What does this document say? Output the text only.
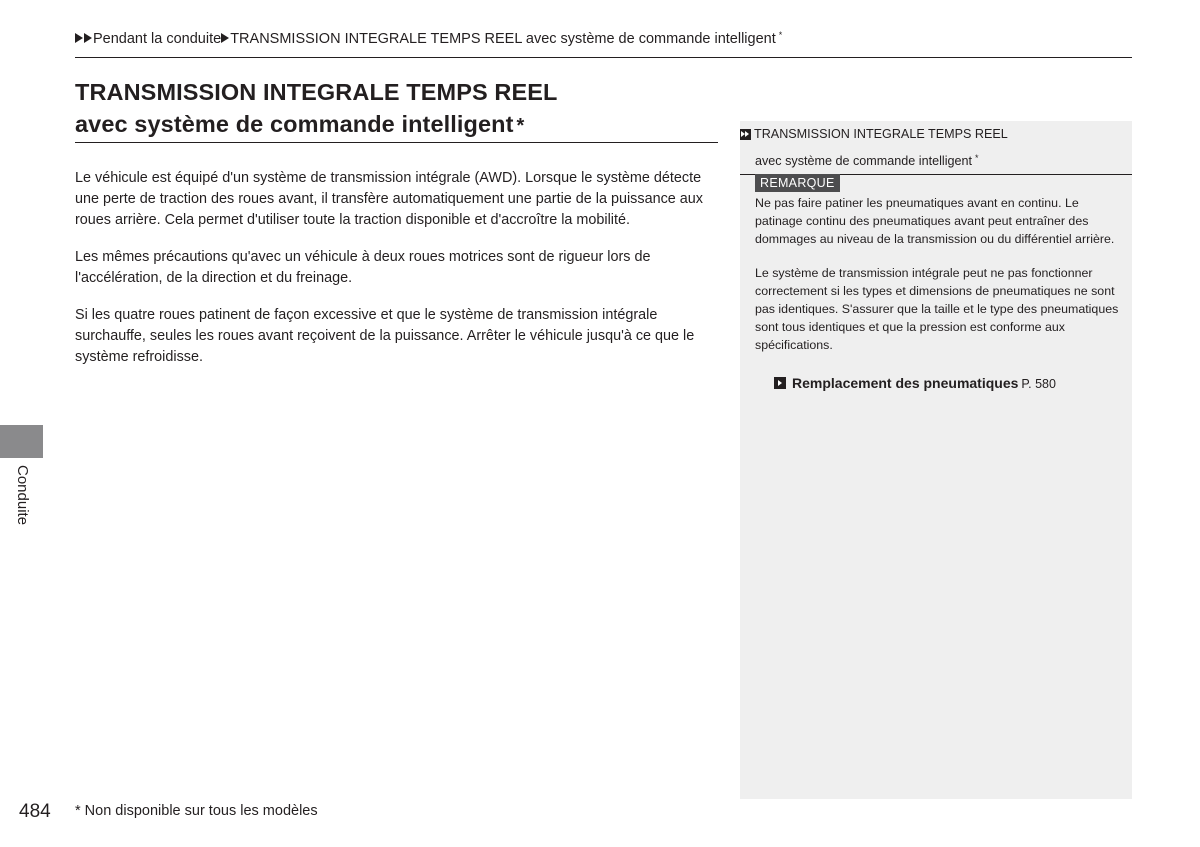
Pendant la conduite TRANSMISSION INTEGRALE TEMPS REEL avec système de commande intelligent *
TRANSMISSION INTEGRALE TEMPS REEL
avec système de commande intelligent *

Le véhicule est équipé d'un système de transmission intégrale (AWD). Lorsque le système détecte une perte de traction des roues avant, il transfère automatiquement une partie de la puissance aux roues arrière. Cela permet d'utiliser toute la traction disponible et d'accroître la mobilité.

Les mêmes précautions qu'avec un véhicule à deux roues motrices sont de rigueur lors de l'accélération, de la direction et du freinage.

Si les quatre roues patinent de façon excessive et que le système de transmission intégrale surchauffe, seules les roues avant reçoivent de la puissance. Arrêter le véhicule jusqu'à ce que le système refroidisse.

TRANSMISSION INTEGRALE TEMPS REEL
avec système de commande intelligent *
REMARQUE

Ne pas faire patiner les pneumatiques avant en continu. Le patinage continu des pneumatiques avant peut entraîner des dommages au niveau de la transmission ou du différentiel arrière.

Le système de transmission intégrale peut ne pas fonctionner correctement si les types et dimensions de pneumatiques ne sont pas identiques. S'assurer que la taille et le type des pneumatiques sont tous identiques et que la pression est conforme aux spécifications.

Remplacement des pneumatiques P. 580
Conduite
484 * Non disponible sur tous les modèles
